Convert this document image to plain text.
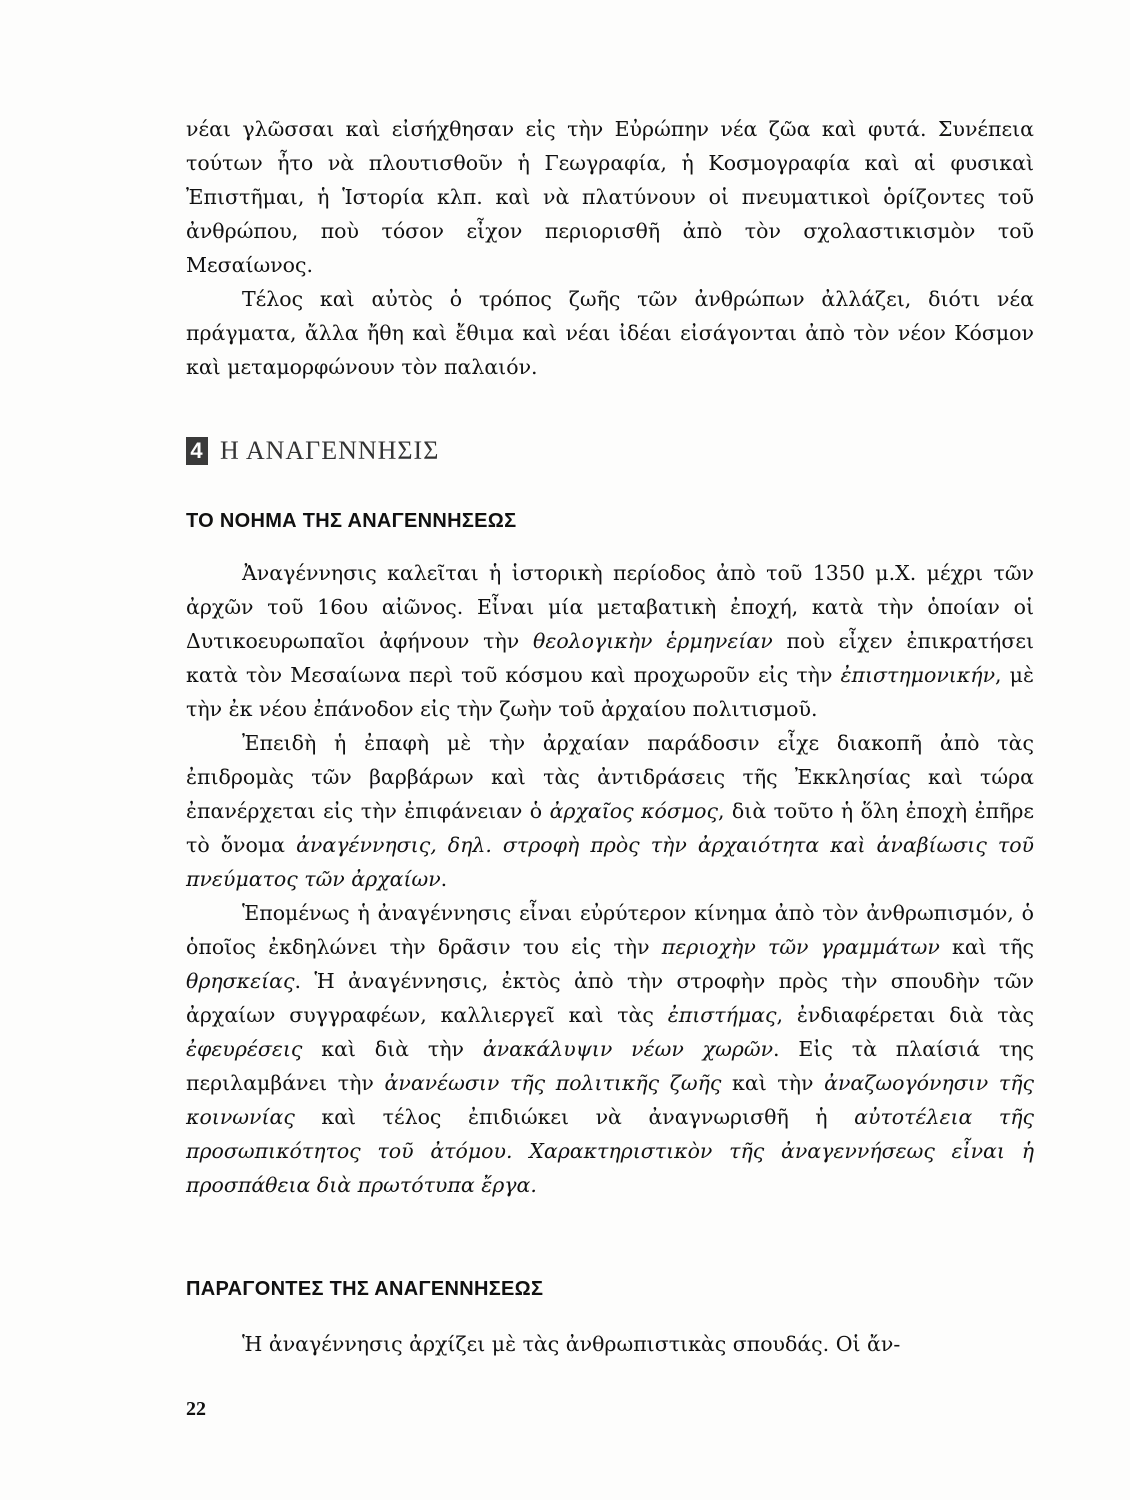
νέαι γλῶσσαι καὶ εἰσήχθησαν εἰς τὴν Εὐρώπην νέα ζῶα καὶ φυτά. Συνέπεια τούτων ἦτο νὰ πλουτισθοῦν ἡ Γεωγραφία, ἡ Κοσμογραφία καὶ αἱ φυσικαὶ Ἐπιστῆμαι, ἡ Ἱστορία κλπ. καὶ νὰ πλατύνουν οἱ πνευματικοὶ ὁρίζοντες τοῦ ἀνθρώπου, ποὺ τόσον εἶχον περιορισθῆ ἀπὸ τὸν σχολαστικισμὸν τοῦ Μεσαίωνος.

Τέλος καὶ αὐτὸς ὁ τρόπος ζωῆς τῶν ἀνθρώπων ἀλλάζει, διότι νέα πράγματα, ἄλλα ἤθη καὶ ἔθιμα καὶ νέαι ἰδέαι εἰσάγονται ἀπὸ τὸν νέον Κόσμον καὶ μεταμορφώνουν τὸν παλαιόν.

4 Η ΑΝΑΓΕΝΝΗΣΙΣ
ΤΟ ΝΟΗΜΑ ΤΗΣ ΑΝΑΓΕΝΝΗΣΕΩΣ

Ἀναγέννησις καλεῖται ἡ ἱστορικὴ περίοδος ἀπὸ τοῦ 1350 μ.Χ. μέχρι τῶν ἀρχῶν τοῦ 16ου αἰῶνος. Εἶναι μία μεταβατικὴ ἐποχή, κατὰ τὴν ὁποίαν οἱ Δυτικοευρωπαῖοι ἀφήνουν τὴν θεολογικὴν ἑρμηνείαν ποὺ εἶχεν ἐπικρατήσει κατὰ τὸν Μεσαίωνα περὶ τοῦ κόσμου καὶ προχωροῦν εἰς τὴν ἐπιστημονικήν, μὲ τὴν ἐκ νέου ἐπάνοδον εἰς τὴν ζωὴν τοῦ ἀρχαίου πολιτισμοῦ.

Ἐπειδὴ ἡ ἐπαφὴ μὲ τὴν ἀρχαίαν παράδοσιν εἶχε διακοπῆ ἀπὸ τὰς ἐπιδρομὰς τῶν βαρβάρων καὶ τὰς ἀντιδράσεις τῆς Ἐκκλησίας καὶ τώρα ἐπανέρχεται εἰς τὴν ἐπιφάνειαν ὁ ἀρχαῖος κόσμος, διὰ τοῦτο ἡ ὅλη ἐποχὴ ἐπῆρε τὸ ὄνομα ἀναγέννησις, δηλ. στροφὴ πρὸς τὴν ἀρχαιότητα καὶ ἀναβίωσις τοῦ πνεύματος τῶν ἀρχαίων.

Ἑπομένως ἡ ἀναγέννησις εἶναι εὐρύτερον κίνημα ἀπὸ τὸν ἀνθρωπισμόν, ὁ ὁποῖος ἐκδηλώνει τὴν δρᾶσιν του εἰς τὴν περιοχὴν τῶν γραμμάτων καὶ τῆς θρησκείας. Ἡ ἀναγέννησις, ἐκτὸς ἀπὸ τὴν στροφὴν πρὸς τὴν σπουδὴν τῶν ἀρχαίων συγγραφέων, καλλιεργεῖ καὶ τὰς ἐπιστήμας, ἐνδιαφέρεται διὰ τὰς ἐφευρέσεις καὶ διὰ τὴν ἀνακάλυψιν νέων χωρῶν. Εἰς τὰ πλαίσιά της περιλαμβάνει τὴν ἀνανέωσιν τῆς πολιτικῆς ζωῆς καὶ τὴν ἀναζωογόνησιν τῆς κοινωνίας καὶ τέλος ἐπιδιώκει νὰ ἀναγνωρισθῆ ἡ αὐτοτέλεια τῆς προσωπικότητος τοῦ ἀτόμου. Χαρακτηριστικὸν τῆς ἀναγεννήσεως εἶναι ἡ προσπάθεια διὰ πρωτότυπα ἔργα.

ΠΑΡΑΓΟΝΤΕΣ ΤΗΣ ΑΝΑΓΕΝΝΗΣΕΩΣ

Ἡ ἀναγέννησις ἀρχίζει μὲ τὰς ἀνθρωπιστικὰς σπουδάς. Οἱ ἄν-

22
